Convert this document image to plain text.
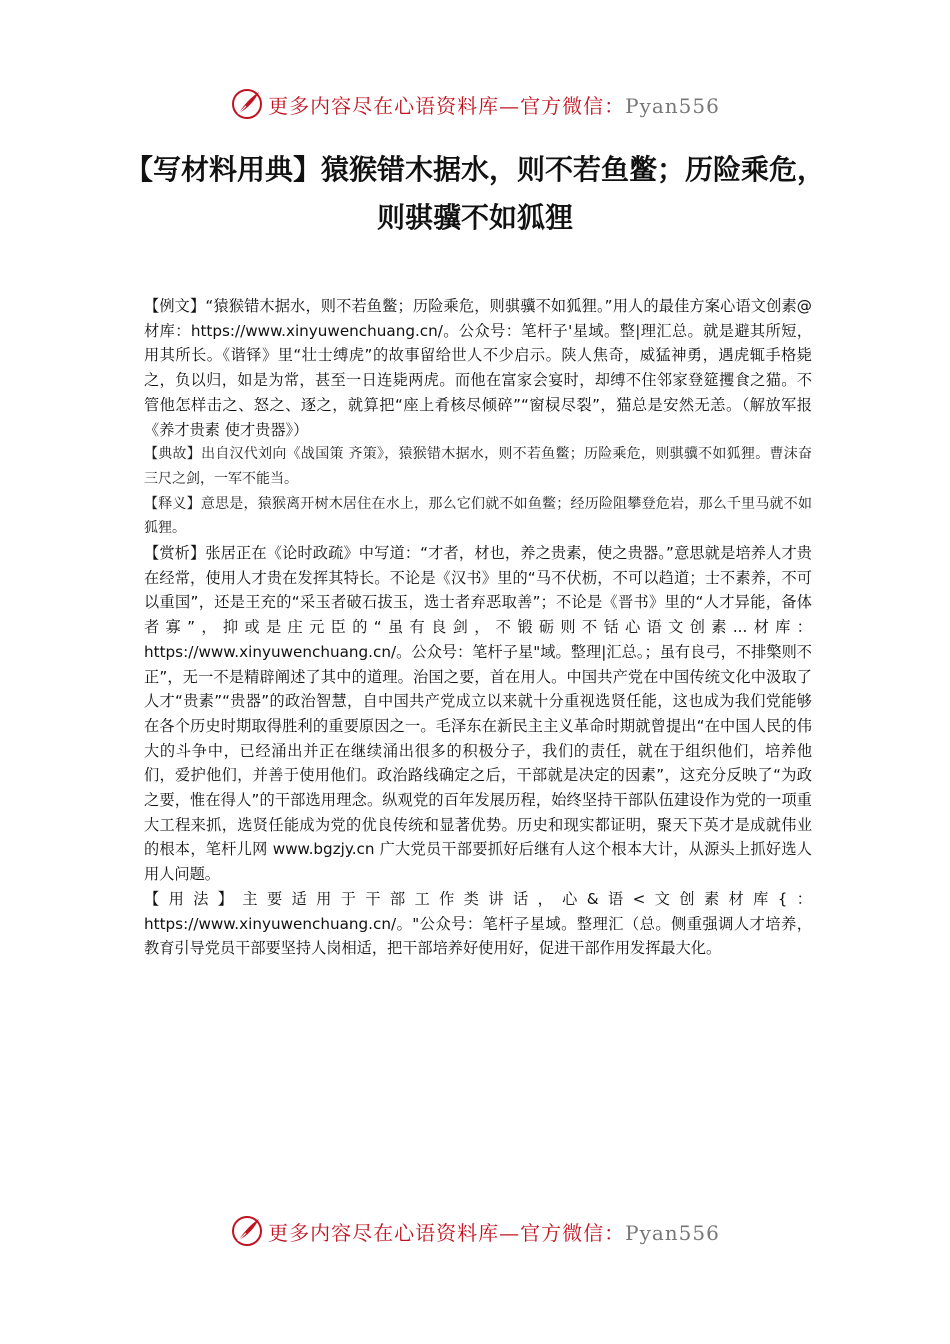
更多内容尽在心语资料库—官方微信：Pyan556
【写材料用典】猿猴错木据水，则不若鱼鳖；历险乘危，则骐骥不如狐狸

【例文】“猿猴错木据水，则不若鱼鳖；历险乘危，则骐骥不如狐狸。”用人的最佳方案心语文创素@材库：https://www.xinyuwenchuang.cn/。公众号：笔杆子'星域。整|理汇总。就是避其所短，用其所长。《谐铎》里“壮士缚虎”的故事留给世人不少启示。陕人焦奇，威猛神勇，遇虎辄手格毙之，负以归，如是为常，甚至一日连毙两虎。而他在富家会宴时，却缚不住邻家登筵攫食之猫。不管他怎样击之、怒之、逐之，就算把“座上肴核尽倾碎”“窗棂尽裂”，猫总是安然无恙。（解放军报《养才贵素 使才贵器》）

【典故】出自汉代刘向《战国策 齐策》，猿猴错木据水，则不若鱼鳖；历险乘危，则骐骥不如狐狸。曹沫奋三尺之剑，一军不能当。

【释义】意思是，猿猴离开树木居住在水上，那么它们就不如鱼鳖；经历险阻攀登危岩，那么千里马就不如狐狸。

【赏析】张居正在《论时政疏》中写道：“才者，材也，养之贵素，使之贵器。”意思就是培养人才贵在经常，使用人才贵在发挥其特长。不论是《汉书》里的“马不伏枥，不可以趋道；士不素养，不可以重国”，还是王充的“采玉者破石拔玉，选士者弃恶取善”；不论是《晋书》里的“人才异能，备体者寡”，抑或是庄元臣的“虽有良剑，不锻砺则不铦心语文创素...材库：https://www.xinyuwenchuang.cn/。公众号：笔杆子星"域。整理|汇总。；虽有良弓，不排檠则不正”，无一不是精辟阐述了其中的道理。治国之要，首在用人。中国共产党在中国传统文化中汲取了人才“贵素”“贵器”的政治智慧，自中国共产党成立以来就十分重视选贤任能，这也成为我们党能够在各个历史时期取得胜利的重要原因之一。毛泽东在新民主主义革命时期就曾提出“在中国人民的伟大的斗争中，已经涌出并正在继续涌出很多的积极分子，我们的责任，就在于组织他们，培养他们，爱护他们，并善于使用他们。政治路线确定之后，干部就是决定的因素”，这充分反映了“为政之要，惟在得人”的干部选用理念。纵观党的百年发展历程，始终坚持干部队伍建设作为党的一项重大工程来抓，选贤任能成为党的优良传统和显著优势。历史和现实都证明，聚天下英才是成就伟业的根本，笔杆儿网 www.bgzjy.cn 广大党员干部要抓好后继有人这个根本大计，从源头上抓好选人用人问题。

【用法】主要适用于干部工作类讲话，心&语<文创素材库{：https://www.xinyuwenchuang.cn/。"公众号：笔杆子星域。整理汇（总。侧重强调人才培养，教育引导党员干部要坚持人岗相适，把干部培养好使用好，促进干部作用发挥最大化。

更多内容尽在心语资料库—官方微信：Pyan556
